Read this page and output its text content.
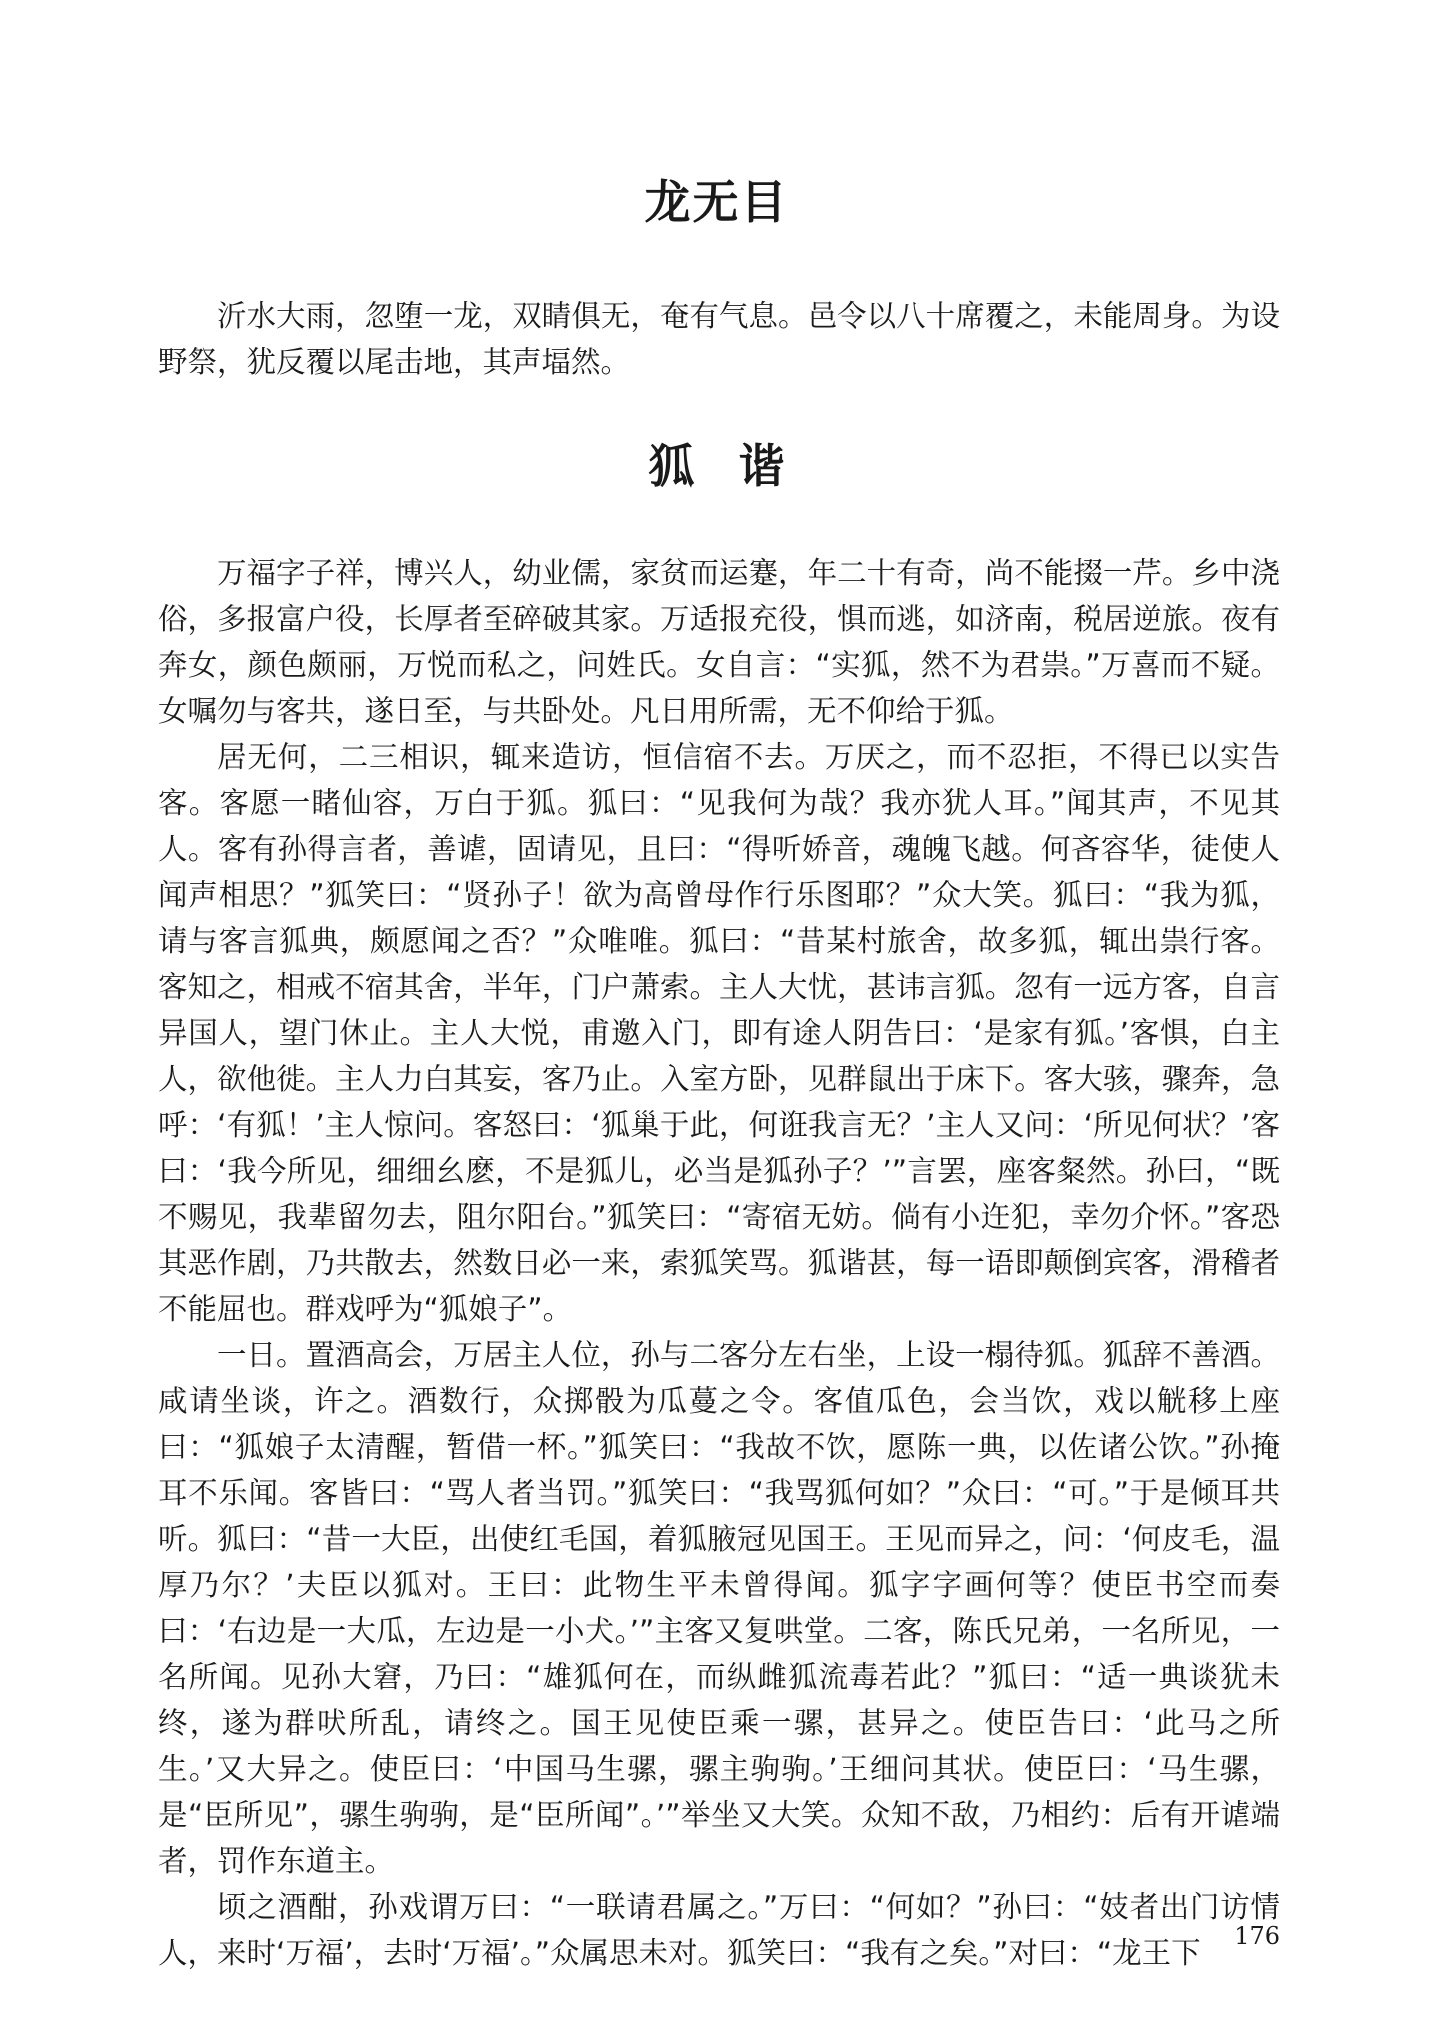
龙无目

沂水大雨，忽堕一龙，双睛俱无，奄有气息。邑令以八十席覆之，未能周身。为设野祭，犹反覆以尾击地，其声堛然。

狐谐

万福字子祥，博兴人，幼业儒，家贫而运蹇，年二十有奇，尚不能掇一芹。乡中浇俗，多报富户役，长厚者至碎破其家。万适报充役，惧而逃，如济南，税居逆旅。夜有奔女，颜色颇丽，万悦而私之，问姓氏。女自言：“实狐，然不为君祟。”万喜而不疑。女嘱勿与客共，遂日至，与共卧处。凡日用所需，无不仰给于狐。

居无何，二三相识，辄来造访，恒信宿不去。万厌之，而不忍拒，不得已以实告客。客愿一睹仙容，万白于狐。狐曰：“见我何为哉？我亦犹人耳。”闻其声，不见其人。客有孙得言者，善谑，固请见，且曰：“得听娇音，魂魄飞越。何吝容华，徒使人闻声相思？”狐笑曰：“贤孙子！欲为高曾母作行乐图耶？”众大笑。狐曰：“我为狐，请与客言狐典，颇愿闻之否？”众唯唯。狐曰：“昔某村旅舍，故多狐，辄出祟行客。客知之，相戒不宿其舍，半年，门户萧索。主人大忧，甚讳言狐。忽有一远方客，自言异国人，望门休止。主人大悦，甫邀入门，即有途人阴告曰：‘是家有狐。’客惧，白主人，欲他徙。主人力白其妄，客乃止。入室方卧，见群鼠出于床下。客大骇，骤奔，急呼：‘有狐！’主人惊问。客怒曰：‘狐巢于此，何诳我言无？’主人又问：‘所见何状？’客曰：‘我今所见，细细幺麽，不是狐儿，必当是狐孙子？’”言罢，座客粲然。孙曰，“既不赐见，我辈留勿去，阻尔阳台。”狐笑曰：“寄宿无妨。倘有小迕犯，幸勿介怀。”客恐其恶作剧，乃共散去，然数日必一来，索狐笑骂。狐谐甚，每一语即颠倒宾客，滑稽者不能屈也。群戏呼为“狐娘子”。

一日。置酒高会，万居主人位，孙与二客分左右坐，上设一榻待狐。狐辞不善酒。咸请坐谈，许之。酒数行，众掷骰为瓜蔓之令。客值瓜色，会当饮，戏以觥移上座曰：“狐娘子太清醒，暂借一杯。”狐笑曰：“我故不饮，愿陈一典，以佐诸公饮。”孙掩耳不乐闻。客皆曰：“骂人者当罚。”狐笑曰：“我骂狐何如？”众曰：“可。”于是倾耳共听。狐曰：“昔一大臣，出使红毛国，着狐腋冠见国王。王见而异之，问：‘何皮毛，温厚乃尔？’夫臣以狐对。王曰：此物生平未曾得闻。狐字字画何等？使臣书空而奏曰：‘右边是一大瓜，左边是一小犬。’”主客又复哄堂。二客，陈氏兄弟，一名所见，一名所闻。见孙大窘，乃曰：“雄狐何在，而纵雌狐流毒若此？”狐曰：“适一典谈犹未终，遂为群吠所乱，请终之。国王见使臣乘一骡，甚异之。使臣告曰：‘此马之所生。’又大异之。使臣曰：‘中国马生骡，骡主驹驹。’王细问其状。使臣曰：‘马生骡，是“臣所见”，骡生驹驹，是“臣所闻”。’”举坐又大笑。众知不敌，乃相约：后有开谑端者，罚作东道主。

顷之酒酣，孙戏谓万曰：“一联请君属之。”万曰：“何如？”孙曰：“妓者出门访情人，来时‘万福’，去时‘万福’。”众属思未对。狐笑曰：“我有之矣。”对曰：“龙王下	176
